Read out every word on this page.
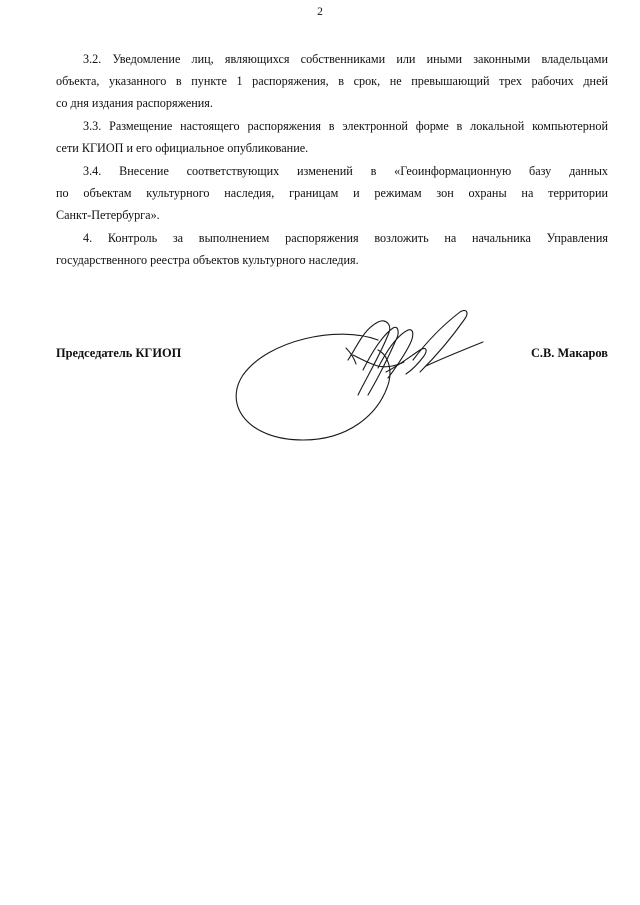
2

3.2. Уведомление лиц, являющихся собственниками или иными законными владельцами
объекта, указанного в пункте 1 распоряжения, в срок, не превышающий трех рабочих дней
со дня издания распоряжения.

3.3. Размещение настоящего распоряжения в электронной форме в локальной компьютерной
сети КГИОП и его официальное опубликование.

3.4. Внесение соответствующих изменений в «Геоинформационную базу данных
по объектам культурного наследия, границам и режимам зон охраны на территории
Санкт-Петербурга».

4. Контроль за выполнением распоряжения возложить на начальника Управления
государственного реестра объектов культурного наследия.

Председатель КГИОП	С.В. Макаров
